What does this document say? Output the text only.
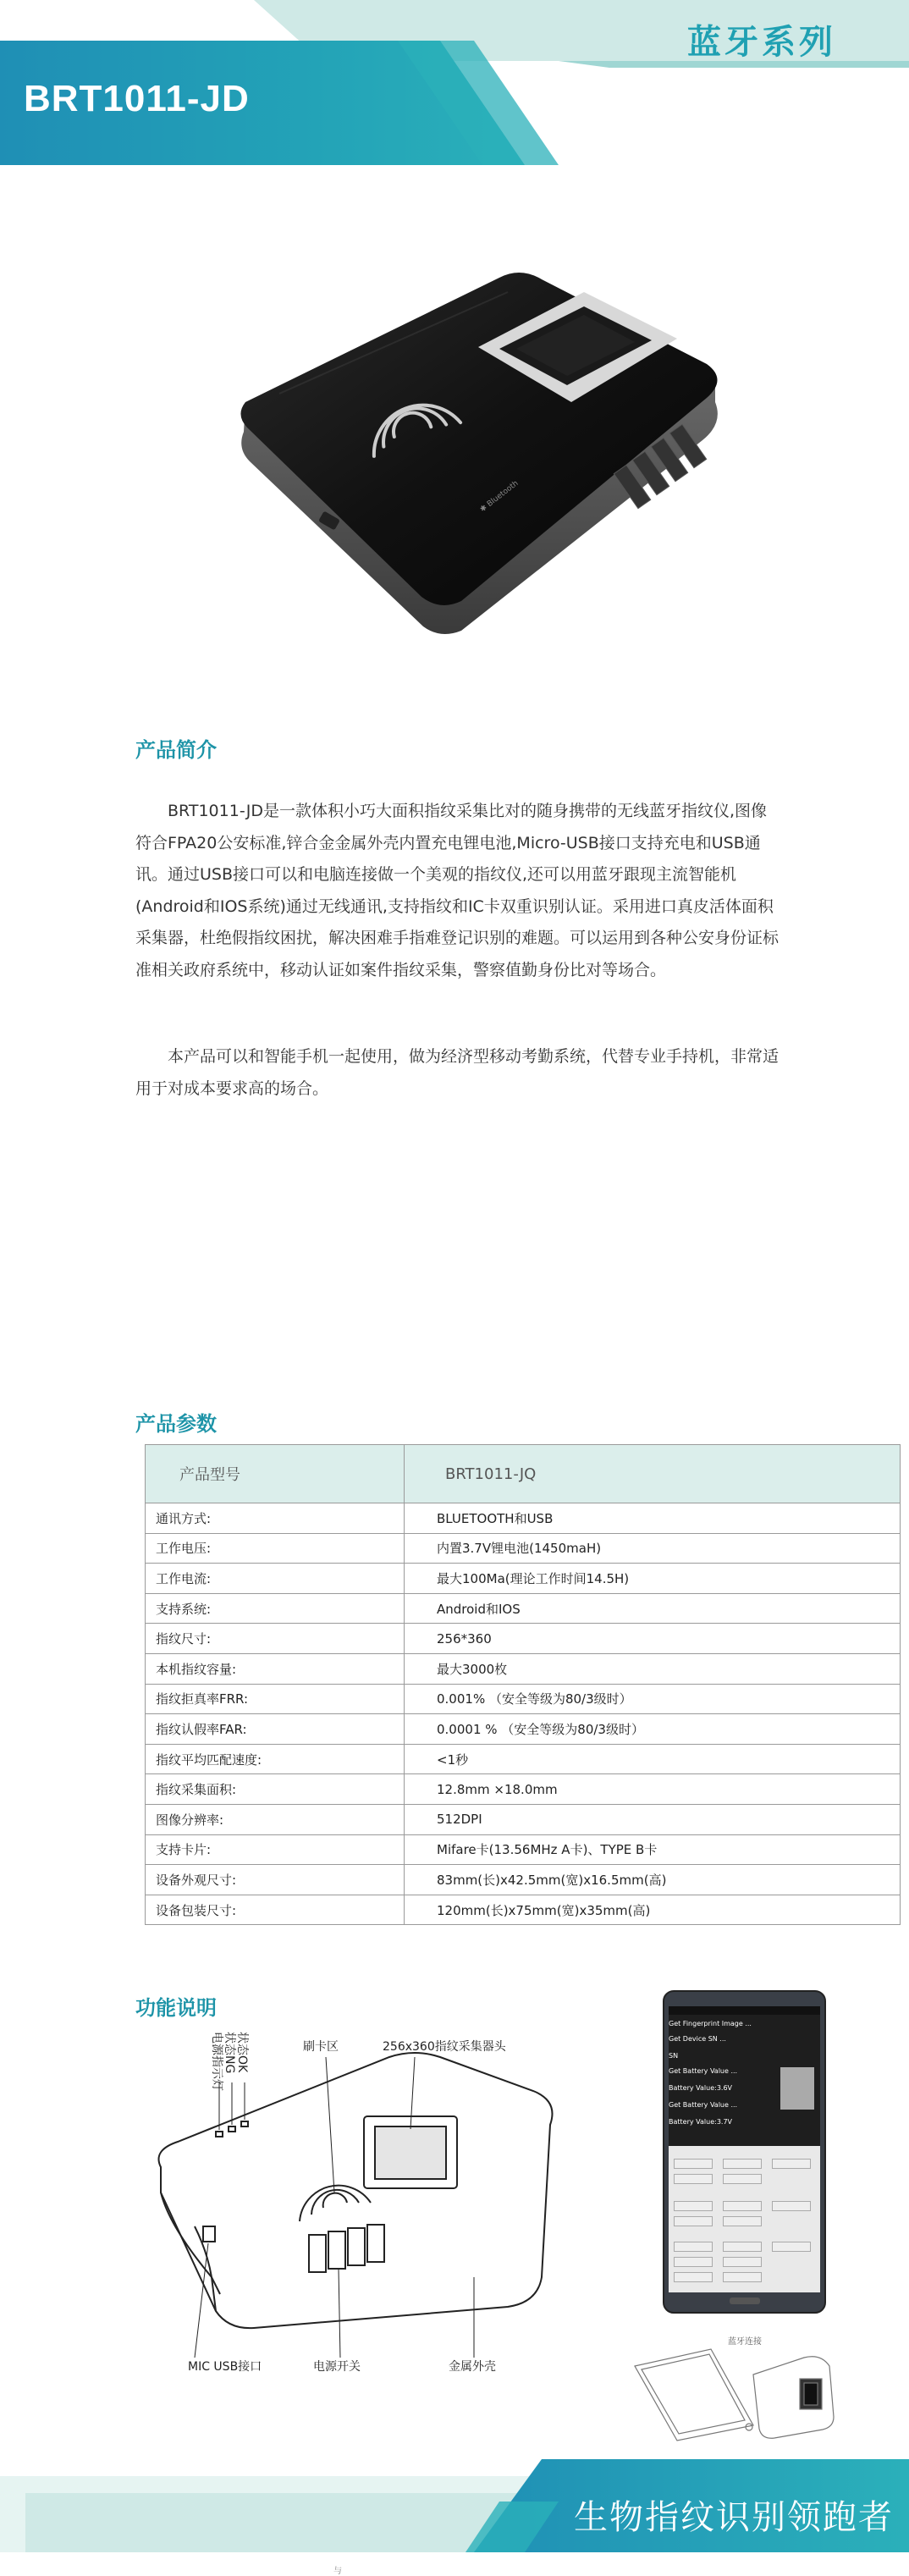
BRT1011-JD
蓝牙系列
✱ Bluetooth
产品简介

BRT1011-JD是一款体积小巧大面积指纹采集比对的随身携带的无线蓝牙指纹仪,图像符合FPA20公安标准,锌合金金属外壳内置充电锂电池,Micro-USB接口支持充电和USB通讯。通过USB接口可以和电脑连接做一个美观的指纹仪,还可以用蓝牙跟现主流智能机(Android和IOS系统)通过无线通讯,支持指纹和IC卡双重识别认证。采用进口真皮活体面积采集器，杜绝假指纹困扰，解决困难手指难登记识别的难题。可以运用到各种公安身份证标准相关政府系统中，移动认证如案件指纹采集，警察值勤身份比对等场合。

本产品可以和智能手机一起使用，做为经济型移动考勤系统，代替专业手持机，非常适用于对成本要求高的场合。

产品参数
产品型号	BRT1011-JQ
通讯方式:	BLUETOOTH和USB
工作电压:	内置3.7V锂电池(1450maH)
工作电流:	最大100Ma(理论工作时间14.5H)
支持系统:	Android和IOS
指纹尺寸:	256*360
本机指纹容量:	最大3000枚
指纹拒真率FRR:	0.001% （安全等级为80/3级时）
指纹认假率FAR:	0.0001 % （安全等级为80/3级时）
指纹平均匹配速度:	<1秒
指纹采集面积:	12.8mm ×18.0mm
图像分辨率:	512DPI
支持卡片:	Mifare卡(13.56MHz A卡)、TYPE B卡
设备外观尺寸:	83mm(长)x42.5mm(宽)x16.5mm(高)
设备包装尺寸:	120mm(长)x75mm(宽)x35mm(高)
功能说明
电源指示灯 状态NG 状态OK	刷卡区	256x360指纹采集器头
MIC USB接口	电源开关	金属外壳
Get Fingerprint Image ...
Get Device SN ...
SN
Get Battery Value ...
Battery Value:3.6V
Get Battery Value ...
Battery Value:3.7V
蓝牙连接
生物指纹识别领跑者
与
